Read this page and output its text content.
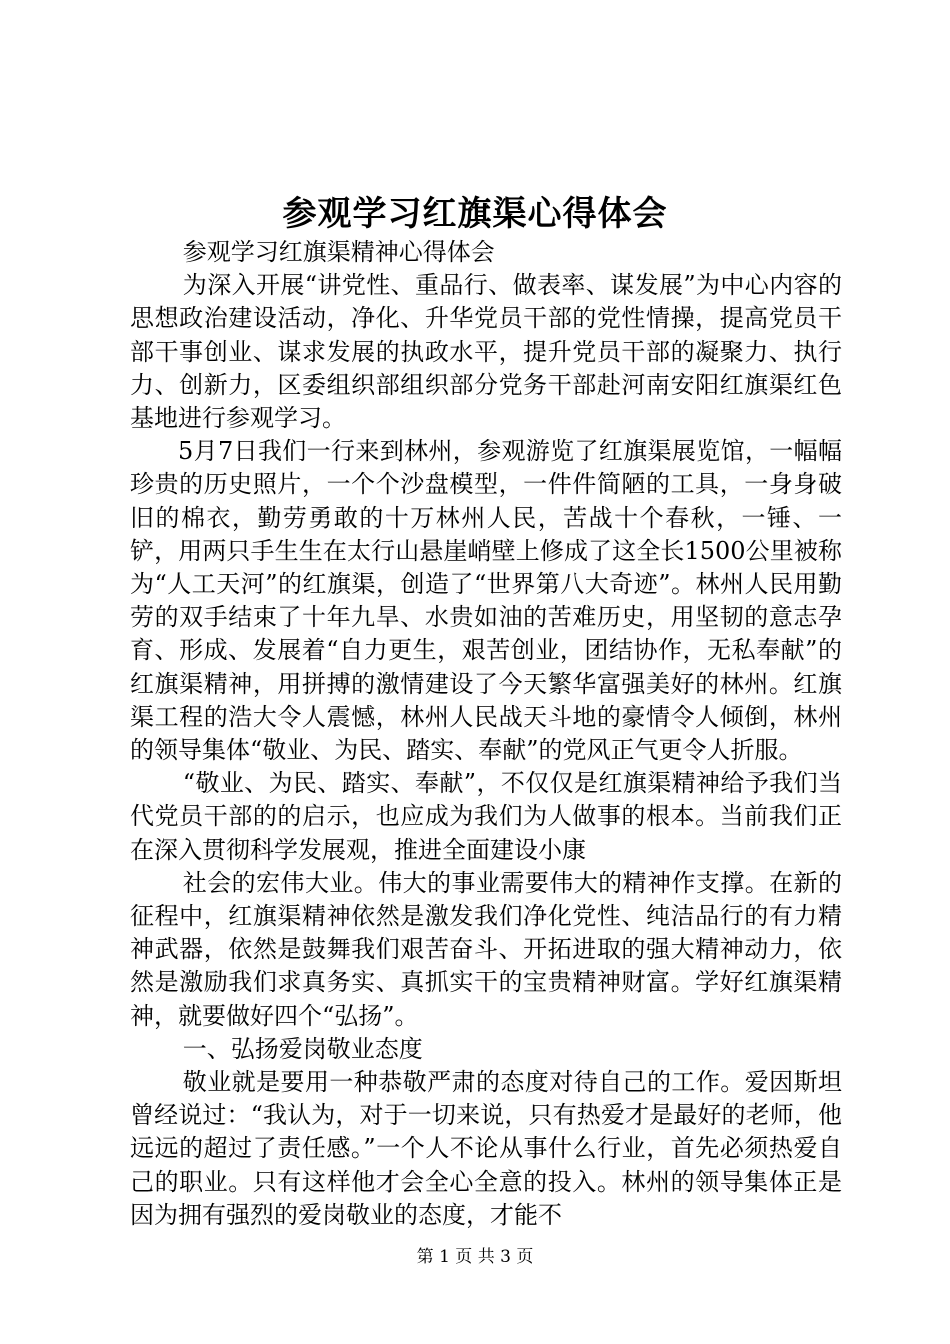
参观学习红旗渠心得体会

参观学习红旗渠精神心得体会

为深入开展“讲党性、重品行、做表率、谋发展”为中心内容的思想政治建设活动，净化、升华党员干部的党性情操，提高党员干部干事创业、谋求发展的执政水平，提升党员干部的凝聚力、执行力、创新力，区委组织部组织部分党务干部赴河南安阳红旗渠红色基地进行参观学习。

5月7日我们一行来到林州，参观游览了红旗渠展览馆，一幅幅珍贵的历史照片，一个个沙盘模型，一件件简陋的工具，一身身破旧的棉衣，勤劳勇敢的十万林州人民，苦战十个春秋，一锤、一铲，用两只手生生在太行山悬崖峭壁上修成了这全长1500公里被称为“人工天河”的红旗渠，创造了“世界第八大奇迹”。林州人民用勤劳的双手结束了十年九旱、水贵如油的苦难历史，用坚韧的意志孕育、形成、发展着“自力更生，艰苦创业，团结协作，无私奉献”的红旗渠精神，用拼搏的激情建设了今天繁华富强美好的林州。红旗渠工程的浩大令人震憾，林州人民战天斗地的豪情令人倾倒，林州的领导集体“敬业、为民、踏实、奉献”的党风正气更令人折服。

“敬业、为民、踏实、奉献”，不仅仅是红旗渠精神给予我们当代党员干部的的启示，也应成为我们为人做事的根本。当前我们正在深入贯彻科学发展观，推进全面建设小康

社会的宏伟大业。伟大的事业需要伟大的精神作支撑。在新的征程中，红旗渠精神依然是激发我们净化党性、纯洁品行的有力精神武器，依然是鼓舞我们艰苦奋斗、开拓进取的强大精神动力，依然是激励我们求真务实、真抓实干的宝贵精神财富。学好红旗渠精神，就要做好四个“弘扬”。

一、弘扬爱岗敬业态度

敬业就是要用一种恭敬严肃的态度对待自己的工作。爱因斯坦曾经说过：“我认为，对于一切来说，只有热爱才是最好的老师，他远远的超过了责任感。”一个人不论从事什么行业，首先必须热爱自己的职业。只有这样他才会全心全意的投入。林州的领导集体正是因为拥有强烈的爱岗敬业的态度，才能不

第 1 页 共 3 页
